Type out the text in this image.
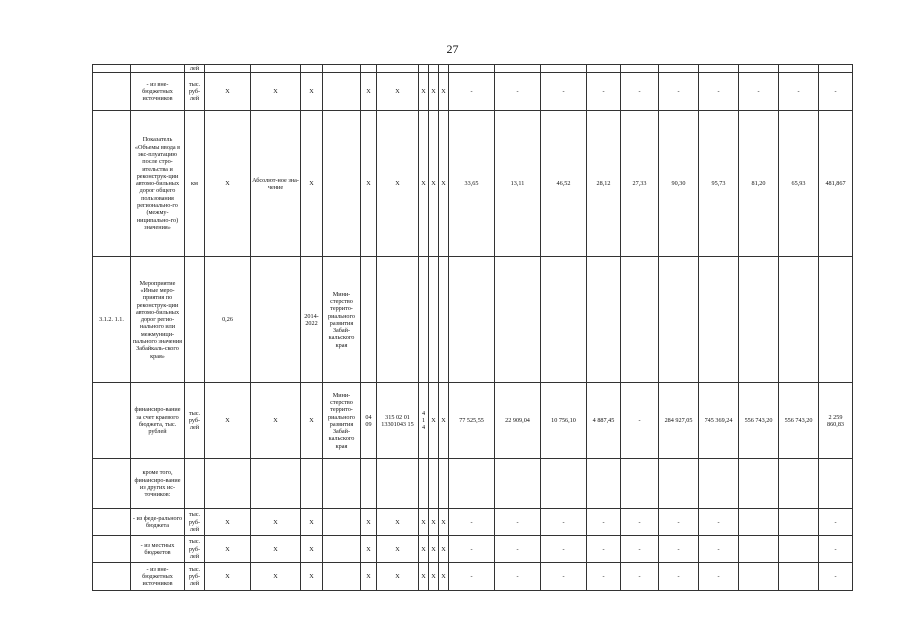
27
		лей																				
	- из вне-бюджетных источников	тыс. руб-лей	X	X	X		X	X	X	X	X	-	-	-	-	-	-	-	-	-	-	
	Показатель «Объемы ввода в экс-плуатацию после стро-ительства и реконструк-ции автомо-бильных дорог общего пользования регионально-го (межму-ниципально-го) значения»	км	X	Абсолют-ное зна-чение	X		X	X	X	X	X	33,65	13,11	46,52	28,12	27,33	90,30	95,73	81,20	65,93	481,867	
3.1.2. 1.1.	Мероприятие «Иные меро-приятия по реконструк-ции автомо-бильных дорог регио-нального или межмуници-пального значения Забайкаль-ского края»		0,26		2014-2022	Мини-стерство террито-риального развития Забай-кальского края																
	финансиро-вание за счет краевого бюджета, тыс. рублей	тыс. руб-лей	X	X	X	Мини-стерство террито-риального развития Забай-кальского края	04 09	315 02 01 13301043 15	4 1 4	X	X	77 525,55	22 909,04	10 756,10	4 887,45	-	284 927,05	745 369,24	556 743,20	556 743,20	2 259 860,83	
	кроме того, финансиро-вание из других ис-точников:																					
	- из феде-рального бюджета	тыс. руб-лей	X	X	X		X	X	X	X	X	-	-	-	-	-	-	-			-	
	- из местных бюджетов	тыс. руб-лей	X	X	X		X	X	X	X	X	-	-	-	-	-	-	-			-	
	- из вне-бюджетных источников	тыс. руб-лей	X	X	X		X	X	X	X	X	-	-	-	-	-	-	-			-	
